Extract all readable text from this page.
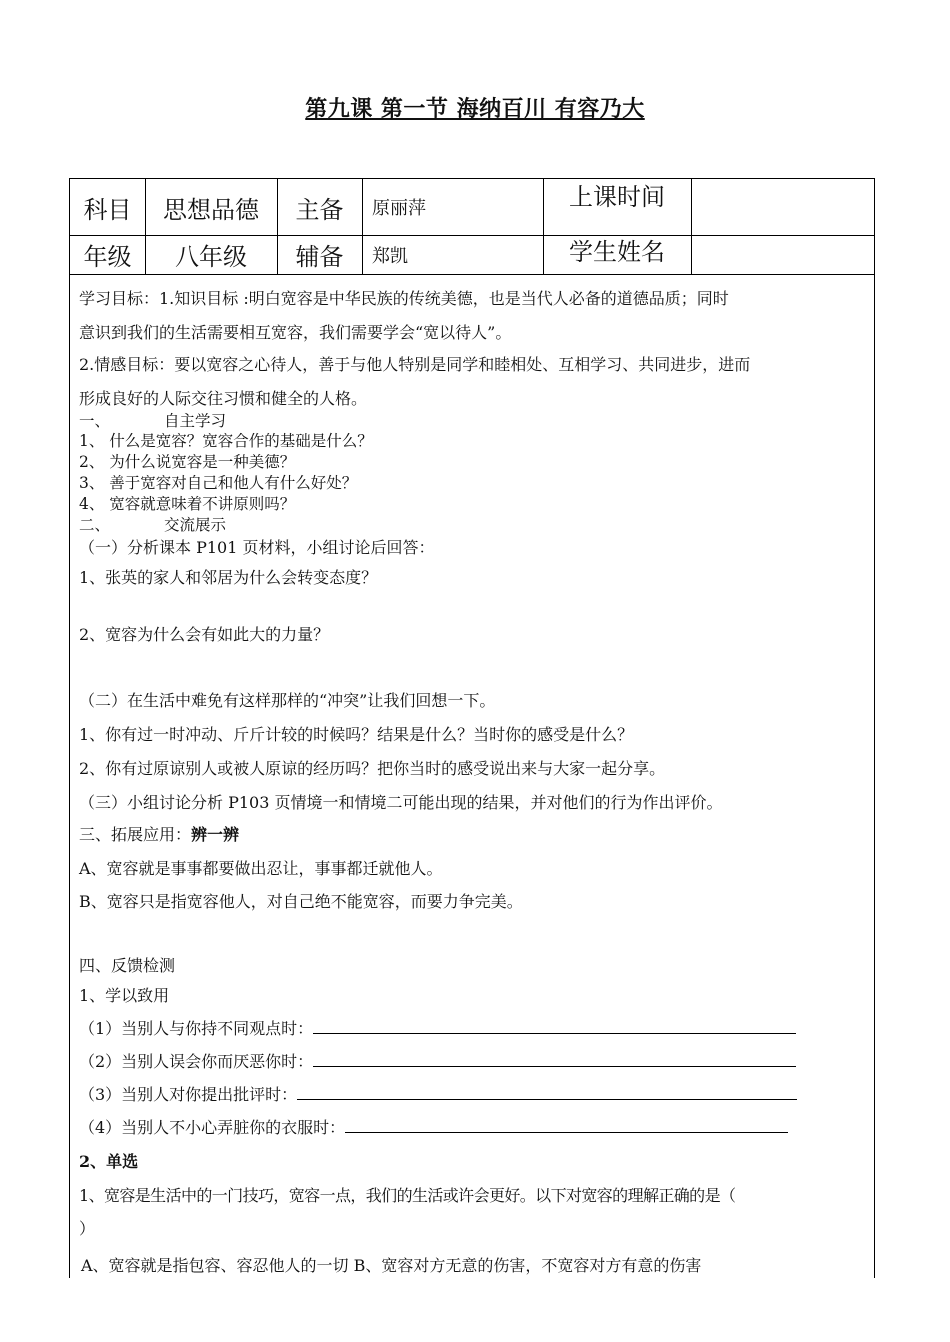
第九课 第一节 海纳百川 有容乃大
科目	思想品德	主备	原丽萍	上课时间
年级	八年级	辅备	郑凯	学生姓名
学习目标：1.知识目标 :明白宽容是中华民族的传统美德，也是当代人必备的道德品质；同时
意识到我们的生活需要相互宽容，我们需要学会“宽以待人”。
2.情感目标：要以宽容之心待人，善于与他人特别是同学和睦相处、互相学习、共同进步，进而
形成良好的人际交往习惯和健全的人格。
一、	自主学习
1、 什么是宽容？宽容合作的基础是什么？
2、 为什么说宽容是一种美德？
3、 善于宽容对自己和他人有什么好处？
4、 宽容就意味着不讲原则吗？
二、	交流展示
（一）分析课本 P101 页材料，小组讨论后回答：
1、张英的家人和邻居为什么会转变态度？
2、宽容为什么会有如此大的力量？
（二）在生活中难免有这样那样的“冲突”让我们回想一下。
1、你有过一时冲动、斤斤计较的时候吗？结果是什么？当时你的感受是什么？
2、你有过原谅别人或被人原谅的经历吗？把你当时的感受说出来与大家一起分享。
（三）小组讨论分析 P103 页情境一和情境二可能出现的结果，并对他们的行为作出评价。
三、拓展应用：辨一辨
A、宽容就是事事都要做出忍让，事事都迁就他人。
B、宽容只是指宽容他人，对自己绝不能宽容，而要力争完美。
四、反馈检测
1、学以致用
（1）当别人与你持不同观点时：
（2）当别人误会你而厌恶你时：
（3）当别人对你提出批评时：
（4）当别人不小心弄脏你的衣服时：
2、单选
1、宽容是生活中的一门技巧，宽容一点，我们的生活或许会更好。以下对宽容的理解正确的是（
）
A、宽容就是指包容、容忍他人的一切 B、宽容对方无意的伤害，不宽容对方有意的伤害
